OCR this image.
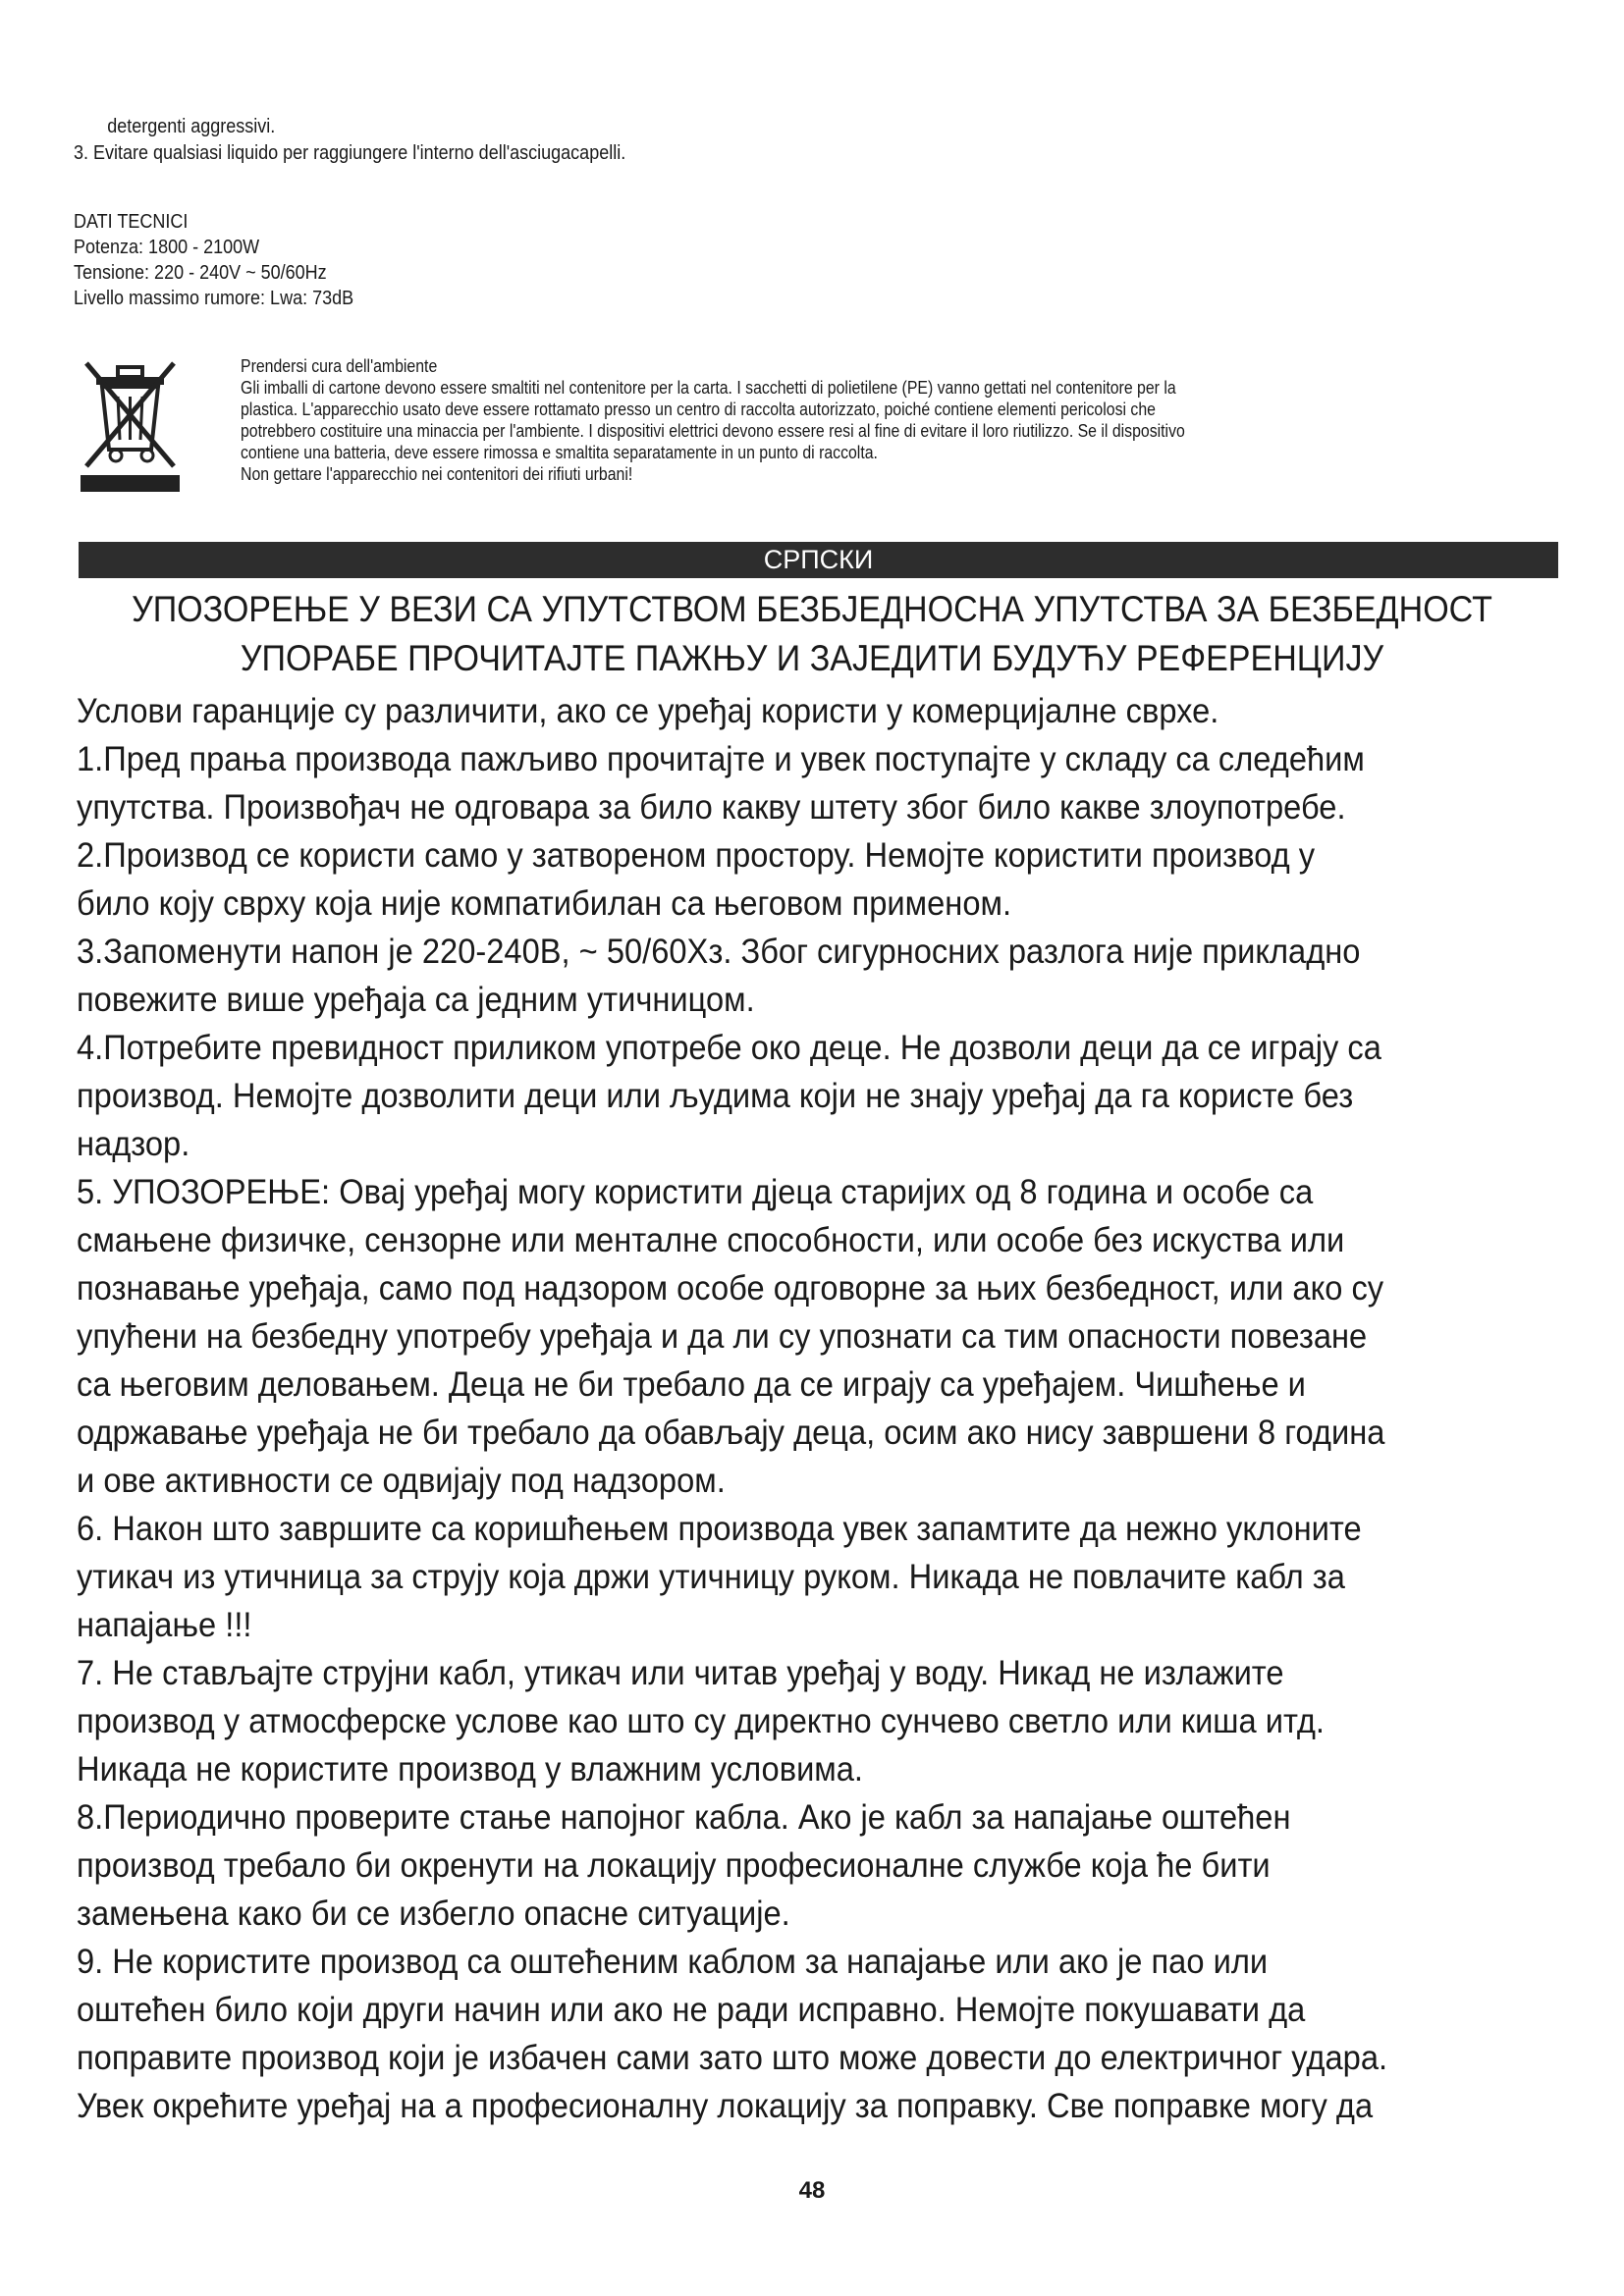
detergenti aggressivi.
3. Evitare qualsiasi liquido per raggiungere l'interno dell'asciugacapelli.
DATI TECNICI
Potenza: 1800 - 2100W
Tensione: 220 - 240V ~ 50/60Hz
Livello massimo rumore: Lwa: 73dB
Prendersi cura dell'ambiente
Gli imballi di cartone devono essere smaltiti nel contenitore per la carta. I sacchetti di polietilene (PE) vanno gettati nel contenitore per la
plastica. L'apparecchio usato deve essere rottamato presso un centro di raccolta autorizzato, poiché contiene elementi pericolosi che
potrebbero costituire una minaccia per l'ambiente. I dispositivi elettrici devono essere resi al fine di evitare il loro riutilizzo. Se il dispositivo
contiene una batteria, deve essere rimossa e smaltita separatamente in un punto di raccolta.
Non gettare l'apparecchio nei contenitori dei rifiuti urbani!
СРПСКИ
УПОЗОРЕЊЕ У ВЕЗИ СА УПУТСТВОМ БЕЗБЈЕДНОСНА УПУТСТВА ЗА БЕЗБЕДНОСТ
УПОРАБЕ ПРОЧИТАЈТЕ ПАЖЊУ И ЗАЈЕДИТИ БУДУЋУ РЕФЕРЕНЦИЈУ
Услови гаранције су различити, ако се уређај користи у комерцијалне сврхе.
1.Пред прања производа пажљиво прочитајте и увек поступајте у складу са следећим
упутства. Произвођач не одговара за било какву штету због било какве злоупотребе.
2.Производ се користи само у затвореном простору. Немојте користити производ у
било коју сврху која није компатибилан са његовом применом.
3.Запоменути напон је 220-240В, ~ 50/60Хз. Због сигурносних разлога није прикладно
повежите више уређаја са једним утичницом.
4.Потребите превидност приликом употребе око деце. Не дозволи деци да се играју са
производ. Немојте дозволити деци или људима који не знају уређај да га користе без
надзор.
5. УПОЗОРЕЊЕ: Овај уређај могу користити дјеца старијих од 8 година и особе са
смањене физичке, сензорне или менталне способности, или особе без искуства или
познавање уређаја, само под надзором особе одговорне за њих безбедност, или ако су
упућени на безбедну употребу уређаја и да ли су упознати са тим опасности повезане
са његовим деловањем. Деца не би требало да се играју са уређајем. Чишћење и
одржавање уређаја не би требало да обављају деца, осим ако нису завршени 8 година
и ове активности се одвијају под надзором.
6. Након што завршите са коришћењем производа увек запамтите да нежно уклоните
утикач из утичница за струју која држи утичницу руком. Никада не повлачите кабл за
напајање !!!
7. Не стављајте струјни кабл, утикач или читав уређај у воду. Никад не излажите
производ у атмосферске услове као што су директно сунчево светло или киша итд.
Никада не користите производ у влажним условима.
8.Периодично проверите стање напојног кабла. Ако је кабл за напајање оштећен
производ требало би окренути на локацију професионалне службе која ће бити
замењена како би се избегло опасне ситуације.
9. Не користите производ са оштећеним каблом за напајање или ако је пао или
оштећен било који други начин или ако не ради исправно. Немојте покушавати да
поправите производ који је избачен сами зато што може довести до електричног удара.
Увек окрећите уређај на а професионалну локацију за поправку. Све поправке могу да
48
